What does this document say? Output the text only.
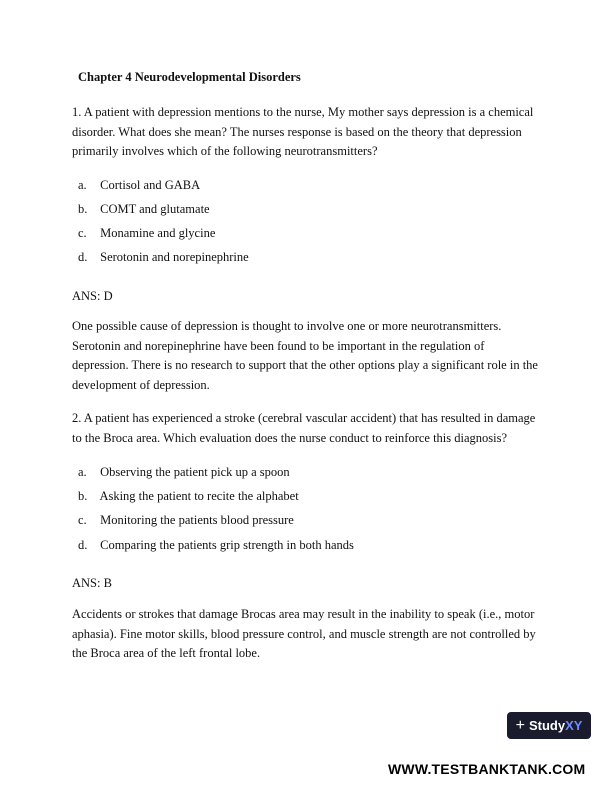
Chapter 4 Neurodevelopmental Disorders

1. A patient with depression mentions to the nurse, My mother says depression is a chemical disorder. What does she mean? The nurses response is based on the theory that depression primarily involves which of the following neurotransmitters?

a. Cortisol and GABA
b. COMT and glutamate
c. Monamine and glycine
d. Serotonin and norepinephrine
ANS: D

One possible cause of depression is thought to involve one or more neurotransmitters. Serotonin and norepinephrine have been found to be important in the regulation of depression. There is no research to support that the other options play a significant role in the development of depression.

2. A patient has experienced a stroke (cerebral vascular accident) that has resulted in damage to the Broca area. Which evaluation does the nurse conduct to reinforce this diagnosis?

a. Observing the patient pick up a spoon
b. Asking the patient to recite the alphabet
c. Monitoring the patients blood pressure
d. Comparing the patients grip strength in both hands
ANS: B

Accidents or strokes that damage Brocas area may result in the inability to speak (i.e., motor aphasia). Fine motor skills, blood pressure control, and muscle strength are not controlled by the Broca area of the left frontal lobe.

+ Study XY
WWW.TESTBANKTANK.COM
